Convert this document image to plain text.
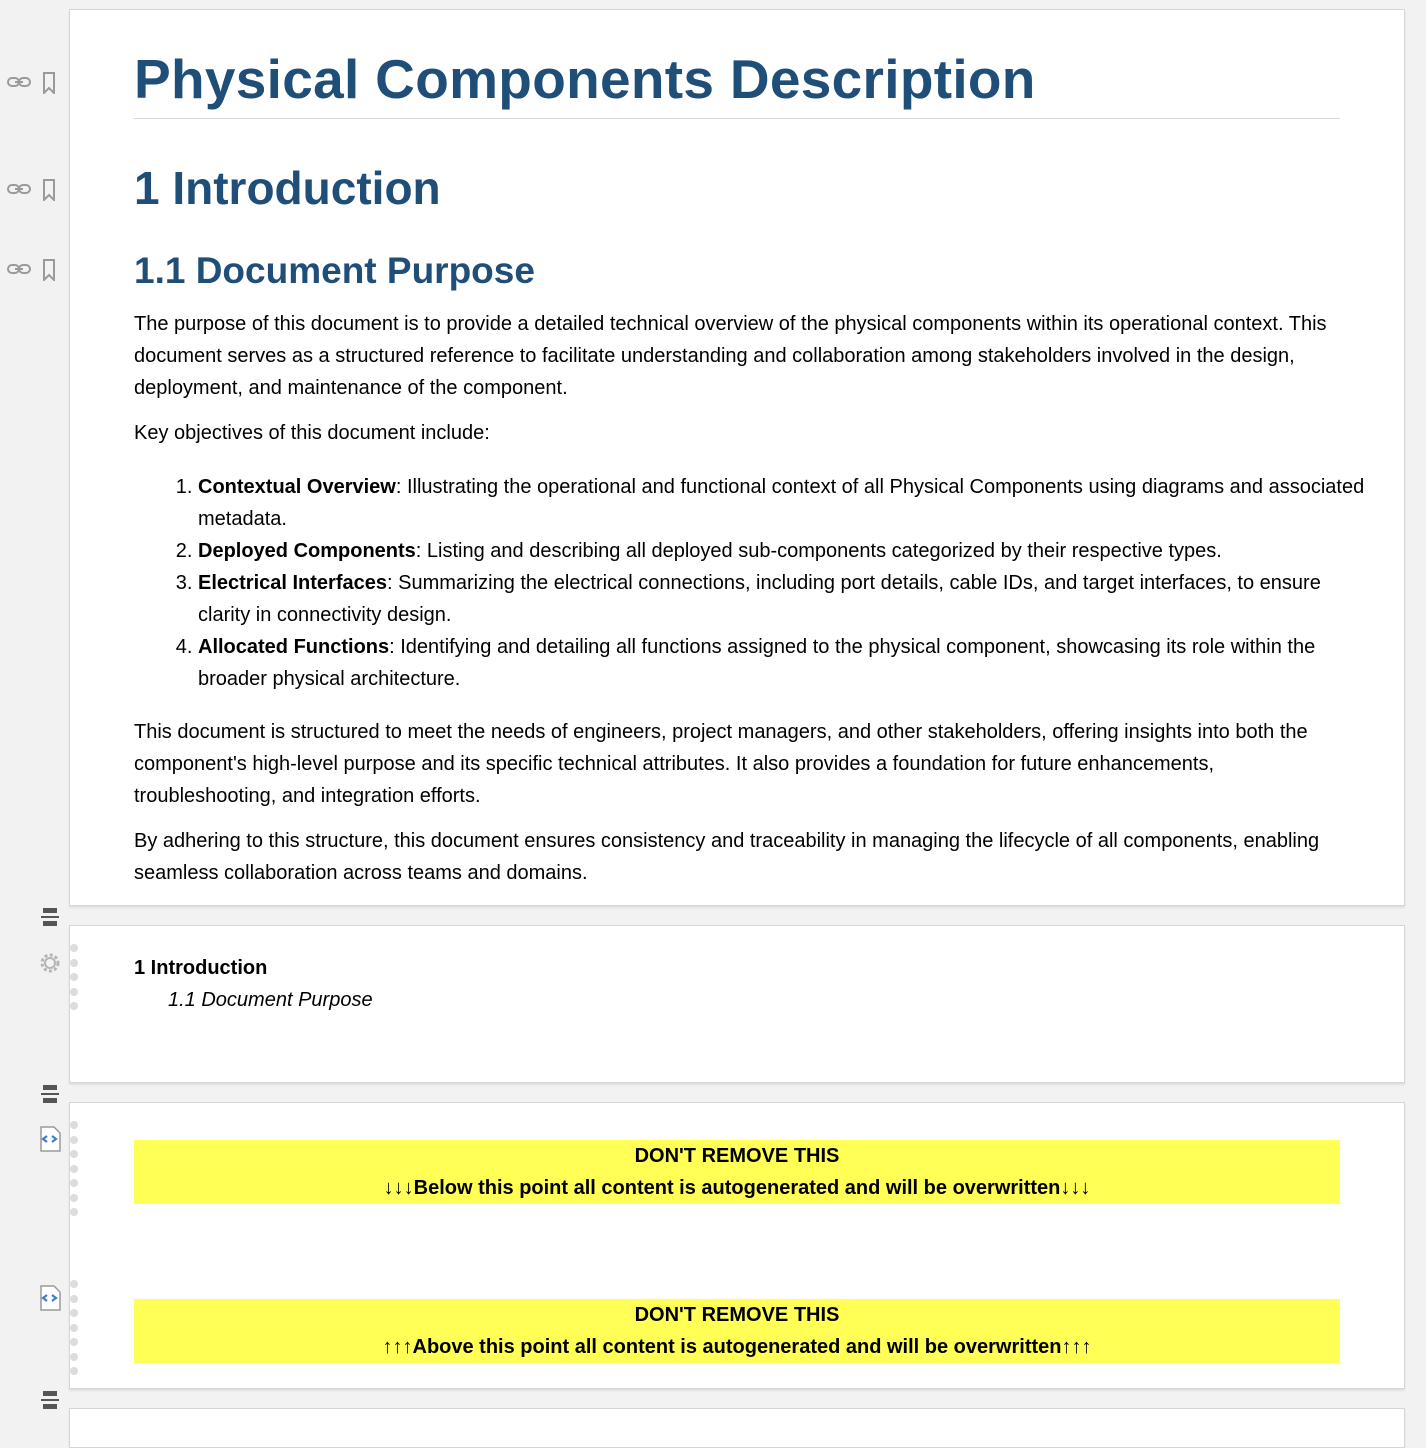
Physical Components Description
1 Introduction
1.1 Document Purpose

The purpose of this document is to provide a detailed technical overview of the physical components within its operational context. This document serves as a structured reference to facilitate understanding and collaboration among stakeholders involved in the design, deployment, and maintenance of the component.

Key objectives of this document include:

1. Contextual Overview: Illustrating the operational and functional context of all Physical Components using diagrams and associated metadata.
2. Deployed Components: Listing and describing all deployed sub-components categorized by their respective types.
3. Electrical Interfaces: Summarizing the electrical connections, including port details, cable IDs, and target interfaces, to ensure clarity in connectivity design.
4. Allocated Functions: Identifying and detailing all functions assigned to the physical component, showcasing its role within the broader physical architecture.

This document is structured to meet the needs of engineers, project managers, and other stakeholders, offering insights into both the component's high-level purpose and its specific technical attributes. It also provides a foundation for future enhancements, troubleshooting, and integration efforts.

By adhering to this structure, this document ensures consistency and traceability in managing the lifecycle of all components, enabling seamless collaboration across teams and domains.

1 Introduction
1.1 Document Purpose
DON'T REMOVE THIS
↓↓↓Below this point all content is autogenerated and will be overwritten↓↓↓
DON'T REMOVE THIS
↑↑↑Above this point all content is autogenerated and will be overwritten↑↑↑
